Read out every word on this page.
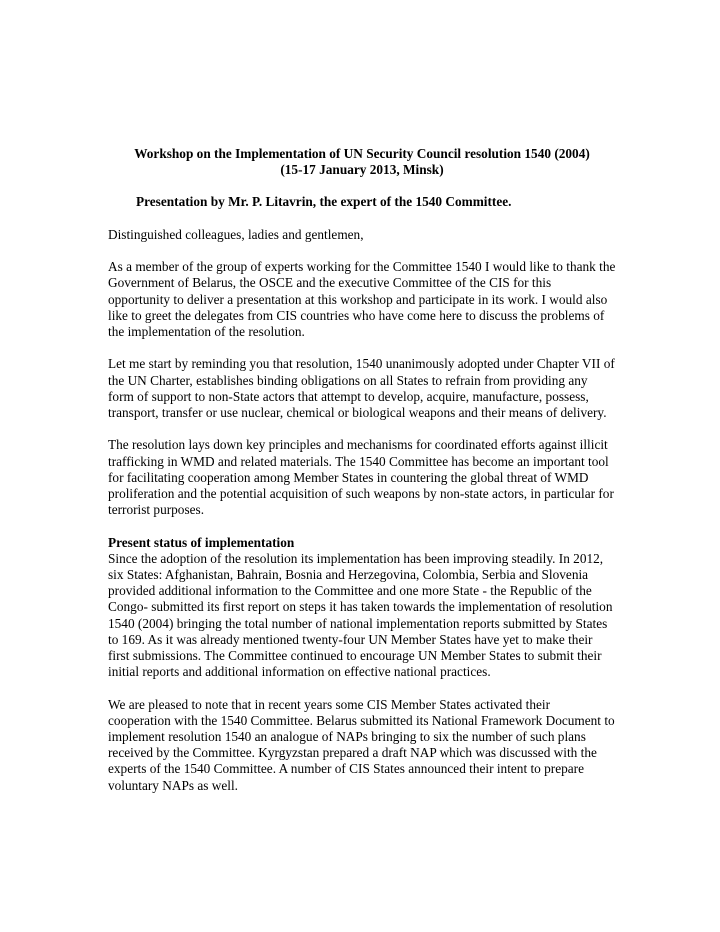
Workshop on the Implementation of UN Security Council resolution 1540 (2004)
(15-17 January 2013, Minsk)

Presentation by Mr. P. Litavrin, the expert of the 1540 Committee.

Distinguished colleagues, ladies and gentlemen,

As a member of the group of experts working for the Committee 1540 I would like to thank the Government of Belarus, the OSCE and the executive Committee of the CIS for this opportunity to deliver a presentation at this workshop and participate in its work. I would also like to greet the delegates from CIS countries who have come here to discuss the problems of the implementation of the resolution.

Let me start by reminding you that resolution, 1540 unanimously adopted under Chapter VII of the UN Charter, establishes binding obligations on all States to refrain from providing any form of support to non-State actors that attempt to develop, acquire, manufacture, possess, transport, transfer or use nuclear, chemical or biological weapons and their means of delivery.

The resolution lays down key principles and mechanisms for coordinated efforts against illicit trafficking in WMD and related materials. The 1540 Committee has become an important tool for facilitating cooperation among Member States in countering the global threat of WMD proliferation and the potential acquisition of such weapons by non-state actors, in particular for terrorist purposes.

Present status of implementation

Since the adoption of the resolution its implementation has been improving steadily. In 2012, six States: Afghanistan, Bahrain, Bosnia and Herzegovina, Colombia, Serbia and Slovenia provided additional information to the Committee and one more State - the Republic of the Congo- submitted its first report on steps it has taken towards the implementation of resolution 1540 (2004) bringing the total number of national implementation reports submitted by States to 169. As it was already mentioned twenty-four UN Member States have yet to make their first submissions. The Committee continued to encourage UN Member States to submit their initial reports and additional information on effective national practices.

We are pleased to note that in recent years some CIS Member States activated their cooperation with the 1540 Committee. Belarus submitted its National Framework Document to implement resolution 1540 an analogue of NAPs bringing to six the number of such plans received by the Committee. Kyrgyzstan prepared a draft NAP which was discussed with the experts of the 1540 Committee. A number of CIS States announced their intent to prepare voluntary NAPs as well.
